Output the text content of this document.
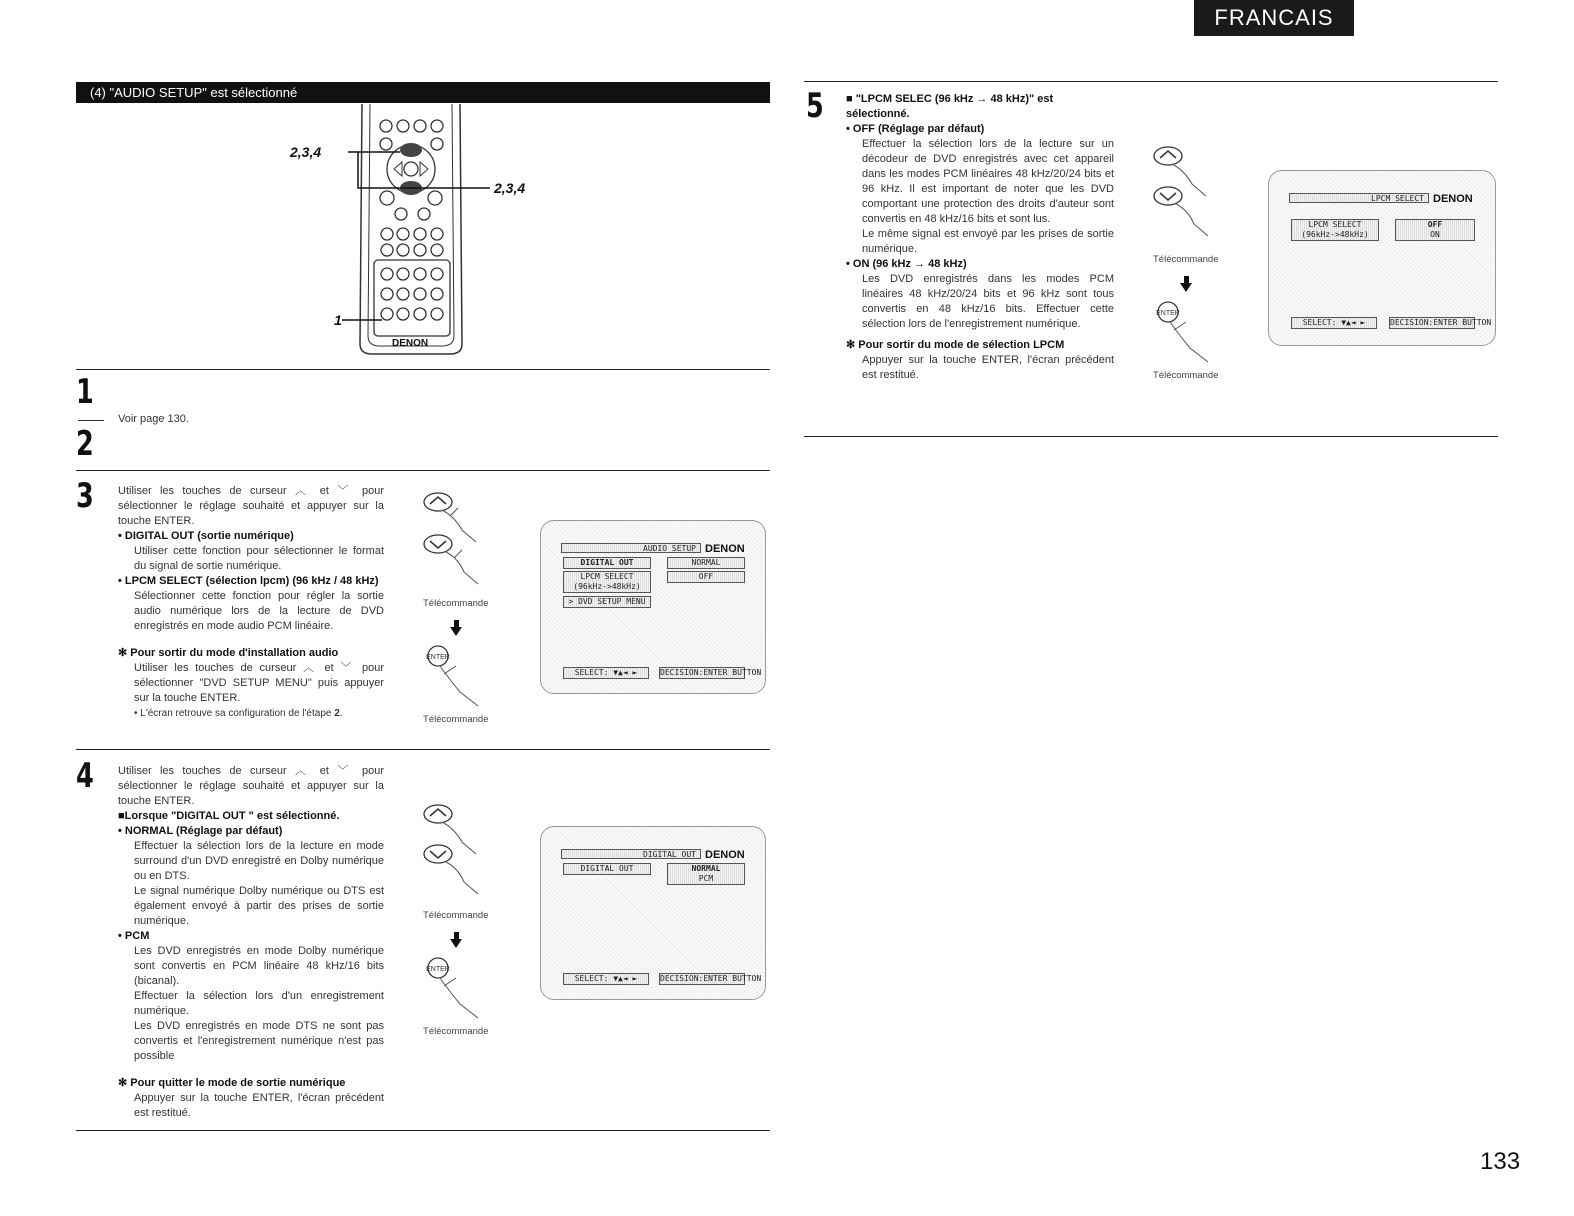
FRANCAIS
(4) "AUDIO SETUP" est sélectionné
2,3,4
2,3,4
1
DENON
1
Voir page 130.
2
3 Utiliser les touches de curseur ︿ et ﹀ pour sélectionner le réglage souhaité et appuyer sur la touche ENTER.

• DIGITAL OUT (sortie numérique)

Utiliser cette fonction pour sélectionner le format du signal de sortie numérique.

• LPCM SELECT (sélection lpcm) (96 kHz / 48 kHz)

Sélectionner cette fonction pour régler la sortie audio numérique lors de la lecture de DVD enregistrés en mode audio PCM linéaire.

✻ Pour sortir du mode d'installation audio

Utiliser les touches de curseur ︿ et ﹀ pour sélectionner "DVD SETUP MENU" puis appuyer sur la touche ENTER.

• L'écran retrouve sa configuration de l'étape 2.

Télécommande
ENTER
Télécommande
AUDIO SETUP DENON
DIGITAL OUT	NORMAL
LPCM SELECT
(96kHz->48kHz)
OFF
> DVD SETUP MENU
SELECT: ▼▲◄ ►	DECISION:ENTER BUTTON
4 Utiliser les touches de curseur ︿ et ﹀ pour sélectionner le réglage souhaité et appuyer sur la touche ENTER.

■Lorsque "DIGITAL OUT " est sélectionné.

• NORMAL (Réglage par défaut)

Effectuer la sélection lors de la lecture en mode surround d'un DVD enregistré en Dolby numérique ou en DTS.

Le signal numérique Dolby numérique ou DTS est également envoyé à partir des prises de sortie numérique.

• PCM

Les DVD enregistrés en mode Dolby numérique sont convertis en PCM linéaire 48 kHz/16 bits (bicanal).

Effectuer la sélection lors d'un enregistrement numérique.

Les DVD enregistrés en mode DTS ne sont pas convertis et l'enregistrement numérique n'est pas possible

✻ Pour quitter le mode de sortie numérique

Appuyer sur la touche ENTER, l'écran précédent est restitué.

Télécommande
ENTER
Télécommande
DIGITAL OUT DENON
DIGITAL OUT	NORMAL
PCM
SELECT: ▼▲◄ ►	DECISION:ENTER BUTTON
5 ■ "LPCM SELEC (96 kHz → 48 kHz)" est

sélectionné.

• OFF (Réglage par défaut)

Effectuer la sélection lors de la lecture sur un décodeur de DVD enregistrés avec cet appareil dans les modes PCM linéaires 48 kHz/20/24 bits et 96 kHz. Il est important de noter que les DVD comportant une protection des droits d'auteur sont convertis en 48 kHz/16 bits et sont lus.

Le même signal est envoyé par les prises de sortie numérique.

• ON (96 kHz → 48 kHz)

Les DVD enregistrés dans les modes PCM linéaires 48 kHz/20/24 bits et 96 kHz sont tous convertis en 48 kHz/16 bits. Effectuer cette sélection lors de l'enregistrement numérique.

✻ Pour sortir du mode de sélection LPCM

Appuyer sur la touche ENTER, l'écran précédent est restitué.

Télécommande
ENTER
Télécommande
LPCM SELECT DENON
LPCM SELECT
(96kHz->48kHz)
OFF
ON
SELECT: ▼▲◄ ►	DECISION:ENTER BUTTON
133
